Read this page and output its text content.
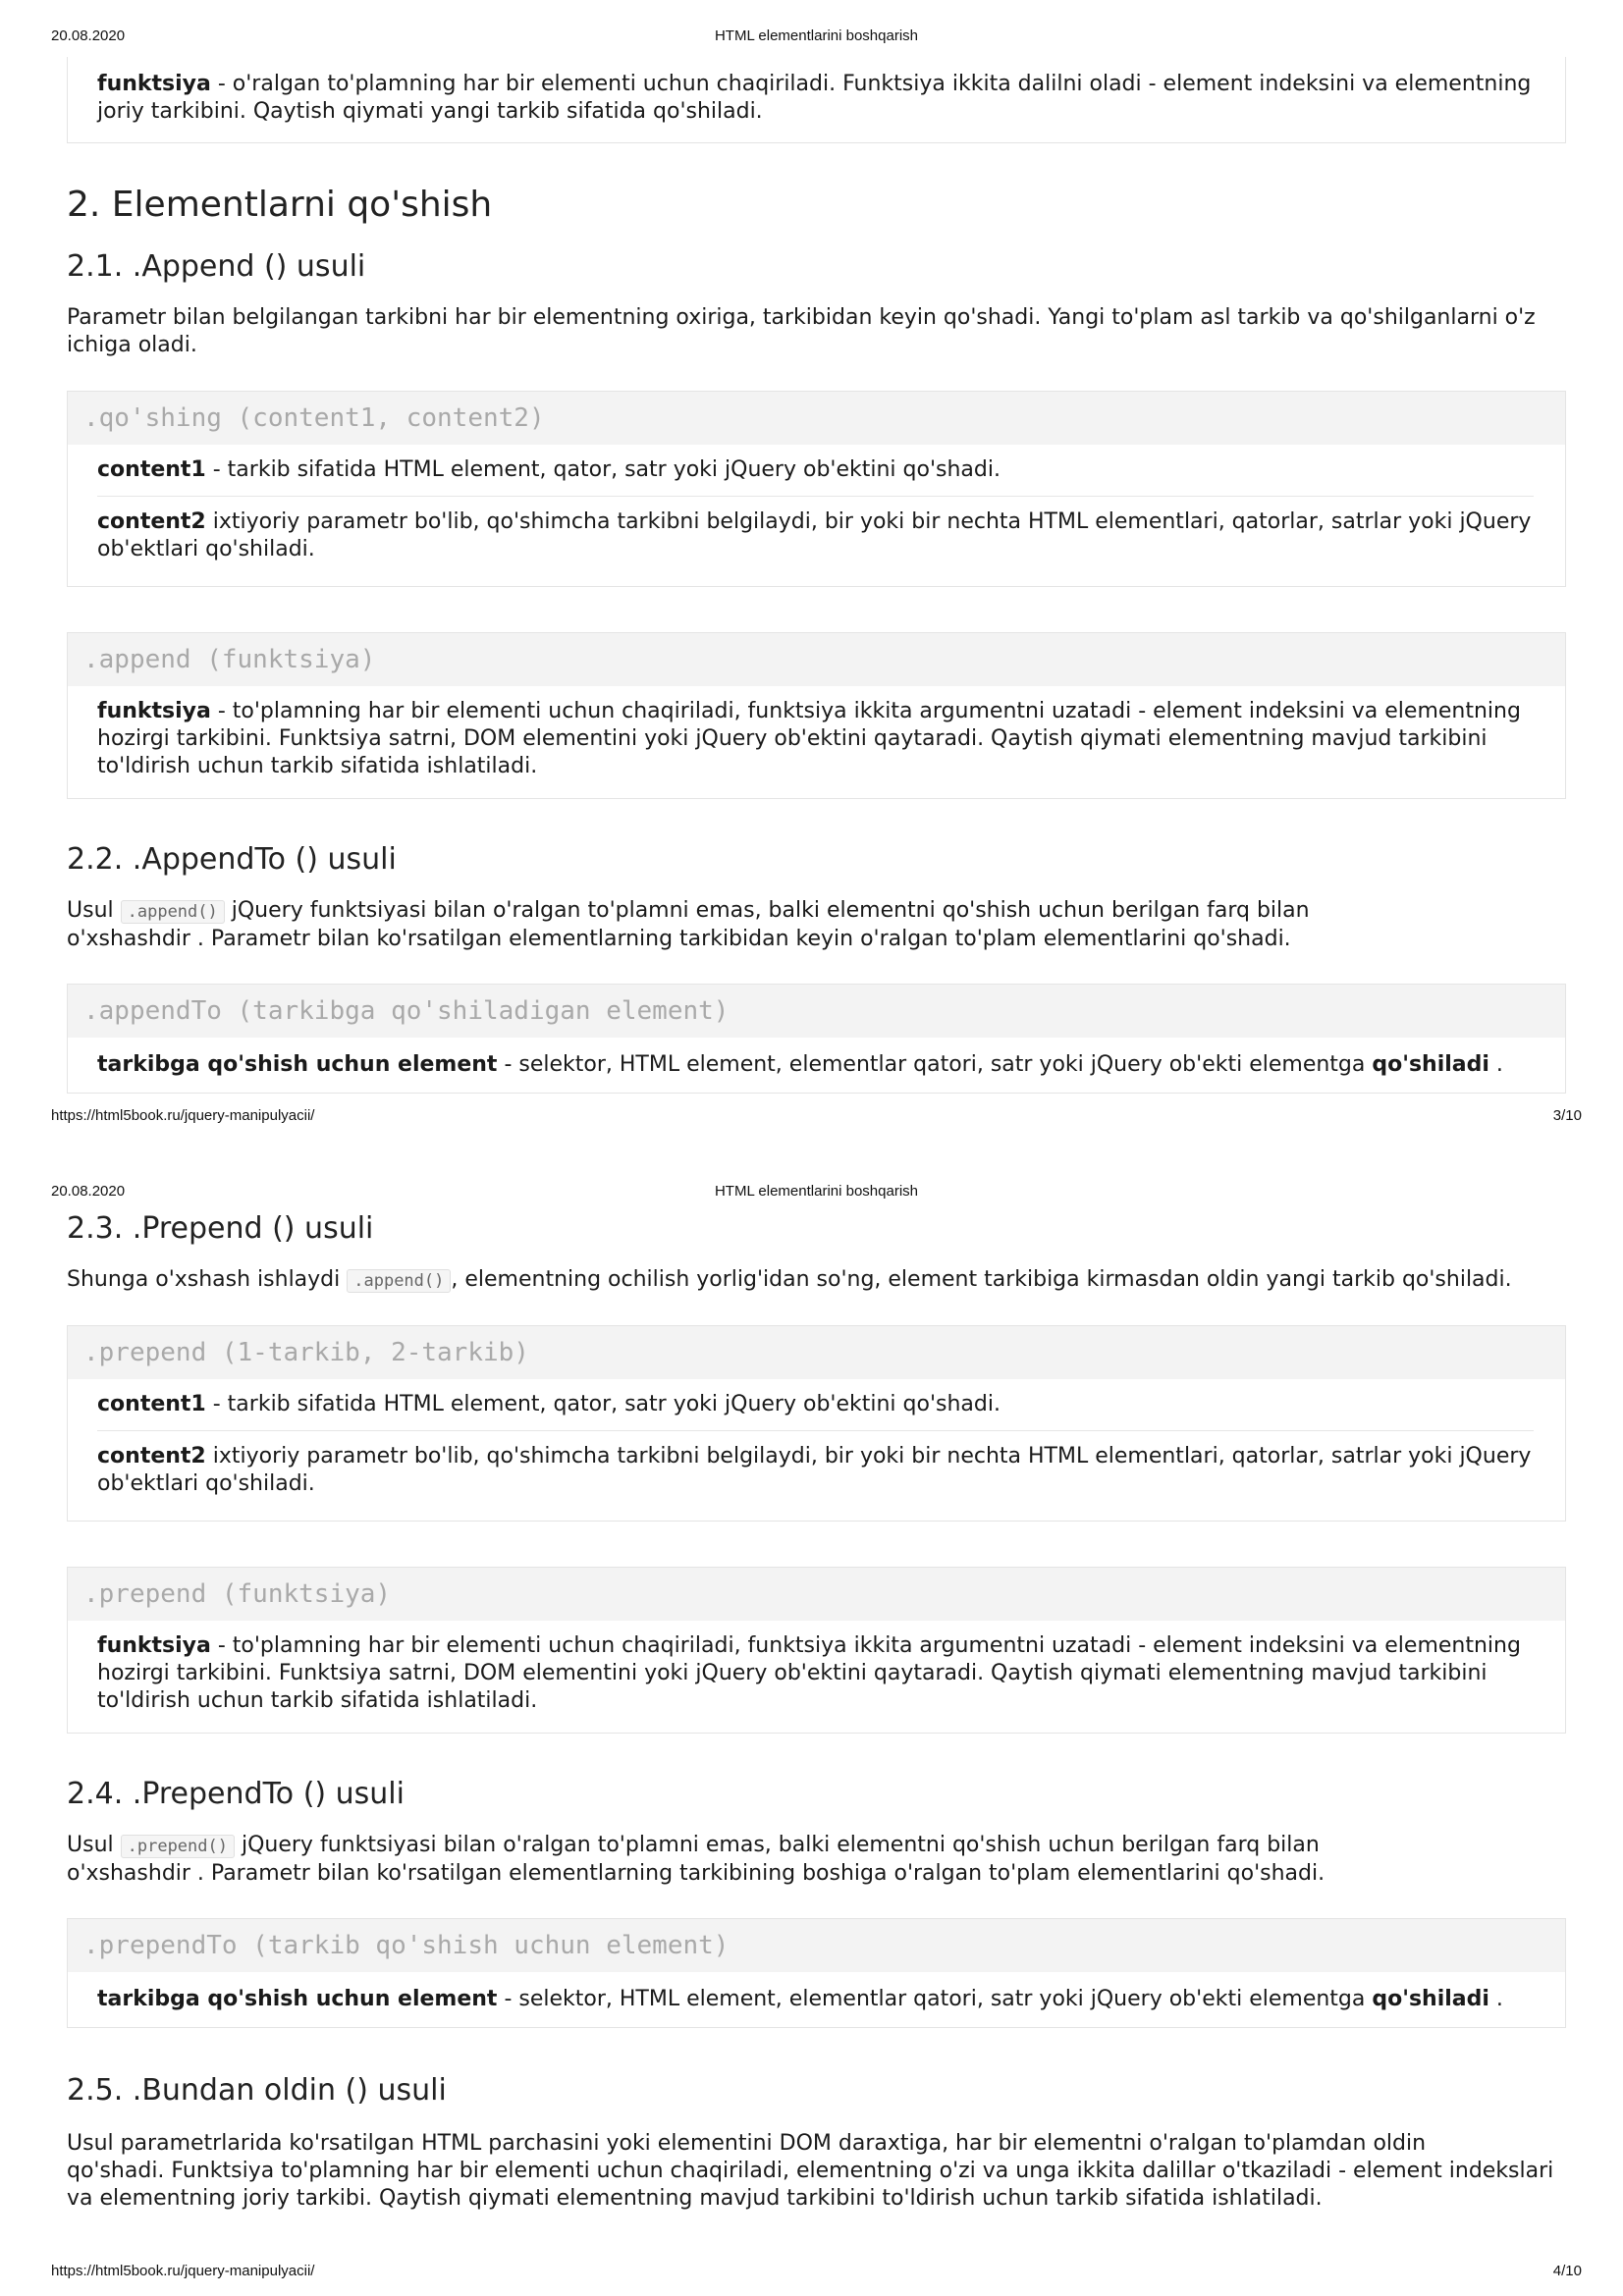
20.08.2020	HTML elementlarini boshqarish
funktsiya - o'ralgan to'plamning har bir elementi uchun chaqiriladi. Funktsiya ikkita dalilni oladi - element indeksini va elementning
joriy tarkibini. Qaytish qiymati yangi tarkib sifatida qo'shiladi.
2. Elementlarni qo'shish
2.1. .Append () usuli
Parametr bilan belgilangan tarkibni har bir elementning oxiriga, tarkibidan keyin qo'shadi. Yangi to'plam asl tarkib va qo'shilganlarni o'z
ichiga oladi.
.qo'shing (content1, content2)
content1 - tarkib sifatida HTML element, qator, satr yoki jQuery ob'ektini qo'shadi.
content2 ixtiyoriy parametr bo'lib, qo'shimcha tarkibni belgilaydi, bir yoki bir nechta HTML elementlari, qatorlar, satrlar yoki jQuery
ob'ektlari qo'shiladi.
.append (funktsiya)
funktsiya - to'plamning har bir elementi uchun chaqiriladi, funktsiya ikkita argumentni uzatadi - element indeksini va elementning
hozirgi tarkibini. Funktsiya satrni, DOM elementini yoki jQuery ob'ektini qaytaradi. Qaytish qiymati elementning mavjud tarkibini
to'ldirish uchun tarkib sifatida ishlatiladi.
2.2. .AppendTo () usuli
Usul .append() jQuery funktsiyasi bilan o'ralgan to'plamni emas, balki elementni qo'shish uchun berilgan farq bilan
o'xshashdir . Parametr bilan ko'rsatilgan elementlarning tarkibidan keyin o'ralgan to'plam elementlarini qo'shadi.
.appendTo (tarkibga qo'shiladigan element)
tarkibga qo'shish uchun element - selektor, HTML element, elementlar qatori, satr yoki jQuery ob'ekti elementga qo'shiladi .
https://html5book.ru/jquery-manipulyacii/	3/10
20.08.2020	HTML elementlarini boshqarish
2.3. .Prepend () usuli
Shunga o'xshash ishlaydi .append() , elementning ochilish yorlig'idan so'ng, element tarkibiga kirmasdan oldin yangi tarkib qo'shiladi.
.prepend (1-tarkib, 2-tarkib)
content1 - tarkib sifatida HTML element, qator, satr yoki jQuery ob'ektini qo'shadi.
content2 ixtiyoriy parametr bo'lib, qo'shimcha tarkibni belgilaydi, bir yoki bir nechta HTML elementlari, qatorlar, satrlar yoki jQuery
ob'ektlari qo'shiladi.
.prepend (funktsiya)
funktsiya - to'plamning har bir elementi uchun chaqiriladi, funktsiya ikkita argumentni uzatadi - element indeksini va elementning
hozirgi tarkibini. Funktsiya satrni, DOM elementini yoki jQuery ob'ektini qaytaradi. Qaytish qiymati elementning mavjud tarkibini
to'ldirish uchun tarkib sifatida ishlatiladi.
2.4. .PrependTo () usuli
Usul .prepend() jQuery funktsiyasi bilan o'ralgan to'plamni emas, balki elementni qo'shish uchun berilgan farq bilan
o'xshashdir . Parametr bilan ko'rsatilgan elementlarning tarkibining boshiga o'ralgan to'plam elementlarini qo'shadi.
.prependTo (tarkib qo'shish uchun element)
tarkibga qo'shish uchun element - selektor, HTML element, elementlar qatori, satr yoki jQuery ob'ekti elementga qo'shiladi .
2.5. .Bundan oldin () usuli
Usul parametrlarida ko'rsatilgan HTML parchasini yoki elementini DOM daraxtiga, har bir elementni o'ralgan to'plamdan oldin
qo'shadi. Funktsiya to'plamning har bir elementi uchun chaqiriladi, elementning o'zi va unga ikkita dalillar o'tkaziladi - element indekslari
va elementning joriy tarkibi. Qaytish qiymati elementning mavjud tarkibini to'ldirish uchun tarkib sifatida ishlatiladi.
https://html5book.ru/jquery-manipulyacii/	4/10
